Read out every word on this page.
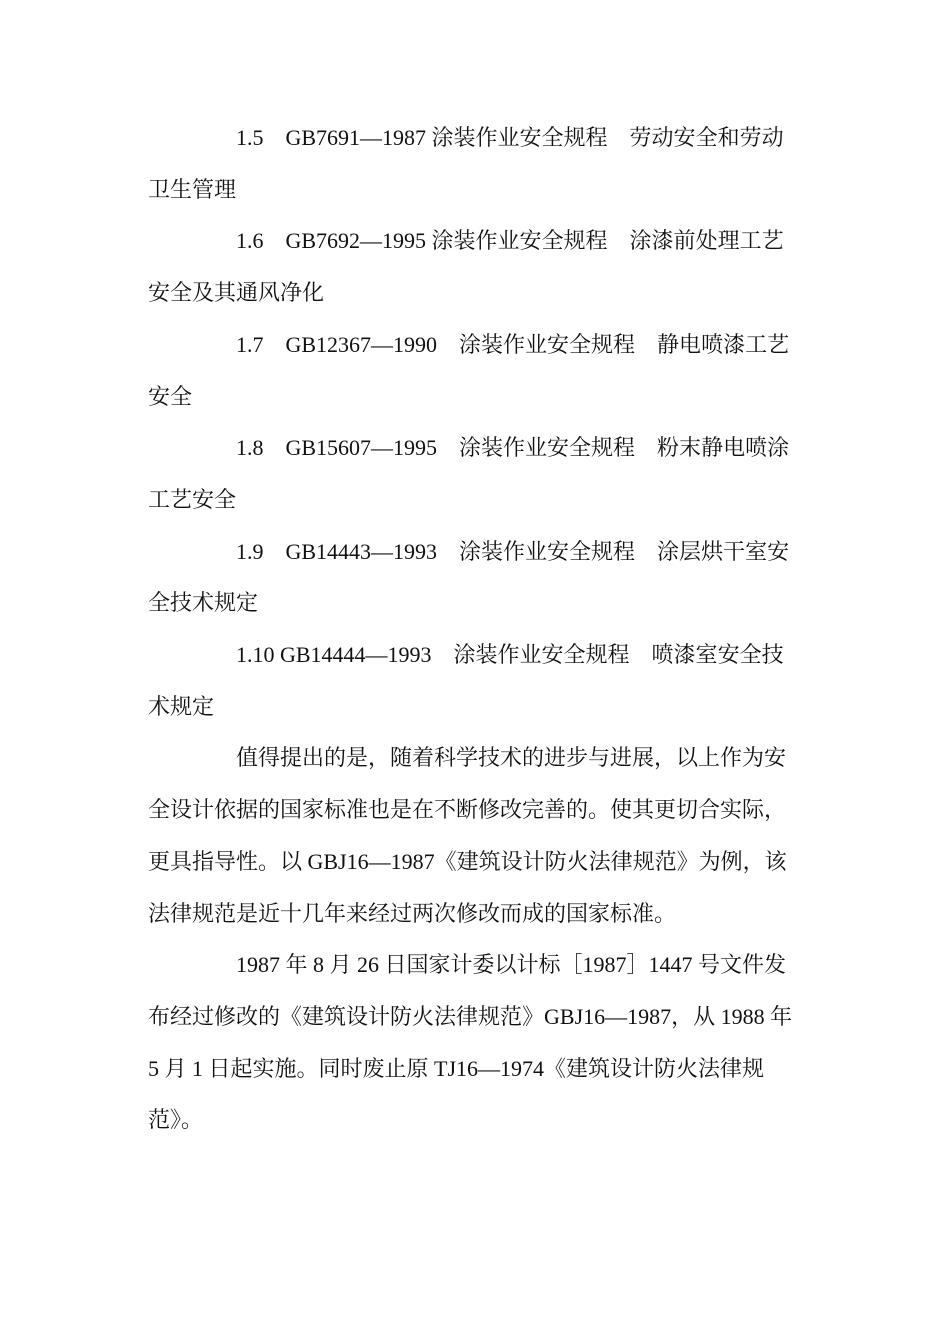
1.5　GB7691—1987 涂装作业安全规程　劳动安全和劳动
卫生管理
1.6　GB7692—1995 涂装作业安全规程　涂漆前处理工艺
安全及其通风净化
1.7　GB12367—1990　涂装作业安全规程　静电喷漆工艺
安全
1.8　GB15607—1995　涂装作业安全规程　粉末静电喷涂
工艺安全
1.9　GB14443—1993　涂装作业安全规程　涂层烘干室安
全技术规定
1.10 GB14444—1993　涂装作业安全规程　喷漆室安全技
术规定
值得提出的是，随着科学技术的进步与进展，以上作为安
全设计依据的国家标准也是在不断修改完善的。使其更切合实际，
更具指导性。以 GBJ16—1987《建筑设计防火法律规范》为例，该
法律规范是近十几年来经过两次修改而成的国家标准。
1987 年 8 月 26 日国家计委以计标［1987］1447 号文件发
布经过修改的《建筑设计防火法律规范》GBJ16—1987，从 1988 年
5 月 1 日起实施。同时废止原 TJ16—1974《建筑设计防火法律规
范》。
